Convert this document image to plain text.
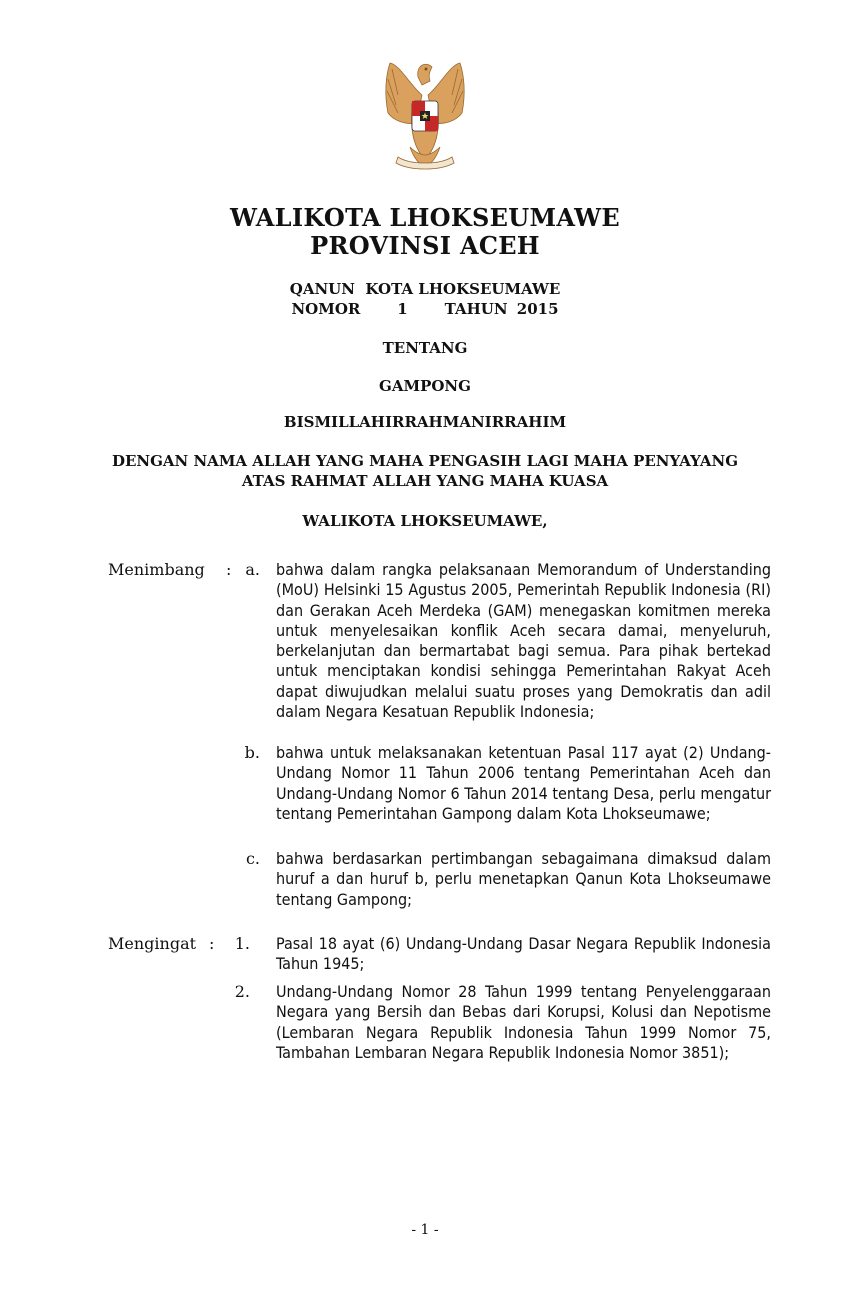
WALIKOTA LHOKSEUMAWE
PROVINSI ACEH
QANUN  KOTA LHOKSEUMAWE
NOMOR    1    TAHUN 2015
TENTANG
GAMPONG
BISMILLAHIRRAHMANIRRAHIM
DENGAN NAMA ALLAH YANG MAHA PENGASIH LAGI MAHA PENYAYANG
ATAS RAHMAT ALLAH YANG MAHA KUASA
WALIKOTA LHOKSEUMAWE,
Menimbang : a. bahwa dalam rangka pelaksanaan Memorandum of Understanding (MoU) Helsinki 15 Agustus 2005, Pemerintah Republik Indonesia (RI) dan Gerakan Aceh Merdeka (GAM) menegaskan komitmen mereka untuk menyelesaikan konflik Aceh secara damai, menyeluruh, berkelanjutan dan bermartabat bagi semua. Para pihak bertekad untuk menciptakan kondisi sehingga Pemerintahan Rakyat Aceh dapat diwujudkan melalui suatu proses yang Demokratis dan adil dalam Negara Kesatuan Republik Indonesia;
b. bahwa untuk melaksanakan ketentuan Pasal 117 ayat (2) Undang-Undang Nomor 11 Tahun 2006 tentang Pemerintahan Aceh dan Undang-Undang Nomor 6 Tahun 2014 tentang Desa, perlu mengatur tentang Pemerintahan Gampong dalam Kota Lhokseumawe;
c. bahwa berdasarkan pertimbangan sebagaimana dimaksud dalam huruf a dan huruf b, perlu menetapkan Qanun Kota Lhokseumawe tentang Gampong;
Mengingat :	1. Pasal 18 ayat (6) Undang-Undang Dasar Negara Republik Indonesia Tahun 1945;
2. Undang-Undang Nomor 28 Tahun 1999 tentang Penyelenggaraan Negara yang Bersih dan Bebas dari Korupsi, Kolusi dan Nepotisme (Lembaran Negara Republik Indonesia Tahun 1999 Nomor 75, Tambahan Lembaran Negara Republik Indonesia Nomor 3851);
- 1 -
